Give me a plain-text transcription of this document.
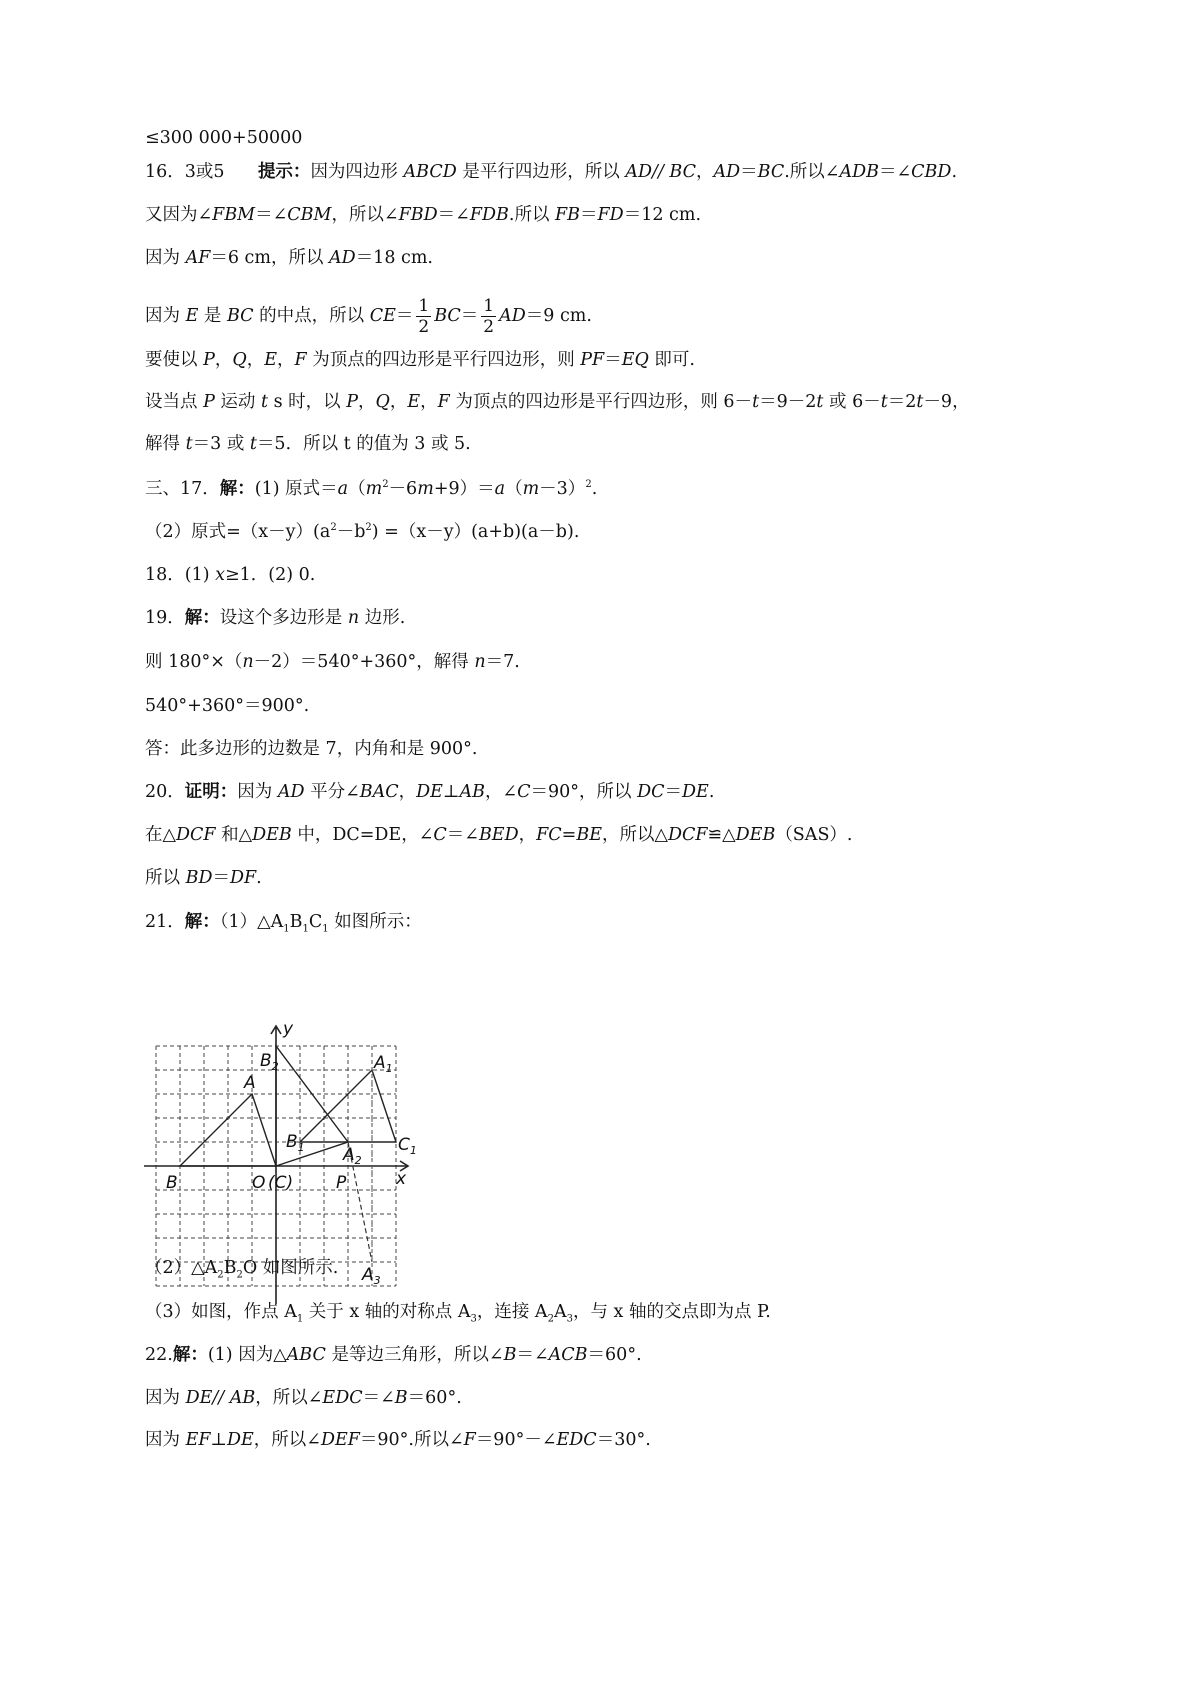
≤300 000+50000
16．3或5 提示：因为四边形 ABCD 是平行四边形，所以 AD// BC，AD＝BC.所以∠ADB＝∠CBD.
又因为∠FBM＝∠CBM，所以∠FBD＝∠FDB.所以 FB＝FD＝12 cm.
因为 AF＝6 cm，所以 AD＝18 cm.
因为 E 是 BC 的中点，所以 $CE= \frac{1}{2} BC= \frac{1}{2} AD=9$ cm.
要使以 P，Q，E，F 为顶点的四边形是平行四边形，则 PF＝EQ 即可.
设当点 P 运动 t s 时，以 P，Q，E，F 为顶点的四边形是平行四边形，则 6－t＝9－2t 或 6－t＝2t－9，
解得 t＝3 或 t＝5．所以 t 的值为 3 或 5.
三、17．解：(1) 原式$=a(m^2-6m+9)=a(m-3)^2$.
（2）原式$=(x-y)(a^2-b^2) =(x-y)(a+b)(a-b)$.
18．(1) x≥1．(2) 0.
19．解：设这个多边形是 n 边形.
则 180°×（n－2）＝540°+360°，解得 n＝7.
540°+360°＝900°.
答：此多边形的边数是 7，内角和是 900°.
20．证明：因为 AD 平分∠BAC，DE⊥AB，∠C＝90°，所以 DC＝DE.
在△DCF 和△DEB 中，DC=DE，∠C＝∠BED，FC=BE，所以△DCF≌△DEB（SAS）.
所以 BD＝DF.
21．解：$(1)\triangle A_1B_1C_1$ 如图所示：
y
x
$B_2$
A
$A_1$
$B_1$	$C_1$
$A_2$
B	O (C)	P
$A_3$
$(2)\triangle A_2B_2O$ 如图所示.
（3）如图，作点 $A_1$ 关于 x 轴的对称点 $A_3$，连接 $A_2A_3$，与 x 轴的交点即为点 P.
22.解：(1) 因为△ABC 是等边三角形，所以∠B＝∠ACB＝60°.
因为 DE// AB，所以∠EDC＝∠B＝60°.
因为 EF⊥DE，所以∠DEF＝90°.所以∠F＝90°－∠EDC＝30°.
